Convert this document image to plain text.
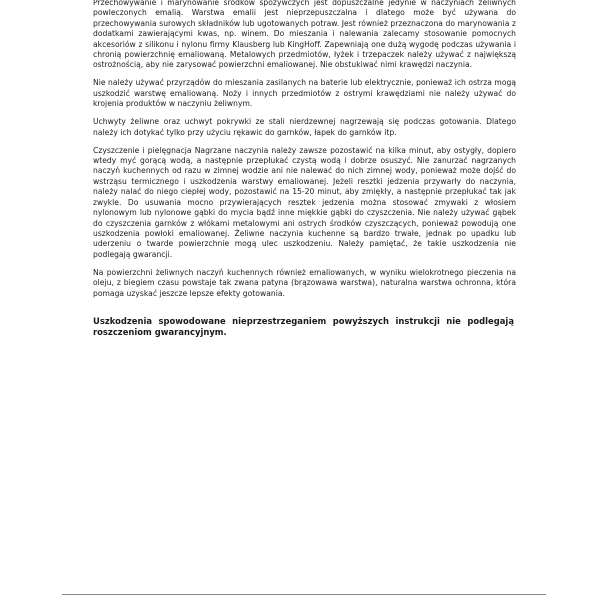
Przechowywanie i marynowanie środków spożywczych jest dopuszczalne jedynie w naczyniach żeliwnych powleczonych emalią. Warstwa emalii jest nieprzepuszczalna i dlatego może być używana do przechowywania surowych składników lub ugotowanych potraw. Jest również przeznaczona do marynowania z dodatkami zawierającymi kwas, np. winem. Do mieszania i nalewania zalecamy stosowanie pomocnych akcesoriów z silikonu i nylonu firmy Klausberg lub KingHoff. Zapewniają one dużą wygodę podczas używania i chronią powierzchnię emaliowaną. Metalowych przedmiotów, łyżek i trzepaczek należy używać z największą ostrożnością, aby nie zarysować powierzchni emaliowanej. Nie obstukiwać nimi krawędzi naczynia.

Nie należy używać przyrządów do mieszania zasilanych na baterie lub elektrycznie, ponieważ ich ostrza mogą uszkodzić warstwę emaliowaną. Noży i innych przedmiotów z ostrymi krawędziami nie należy używać do krojenia produktów w naczyniu żeliwnym.

Uchwyty żeliwne oraz uchwyt pokrywki ze stali nierdzewnej nagrzewają się podczas gotowania. Dlatego należy ich dotykać tylko przy użyciu rękawic do garnków, łapek do garnków itp.

Czyszczenie i pielęgnacja Nagrzane naczynia należy zawsze pozostawić na kilka minut, aby ostygły, dopiero wtedy myć gorącą wodą, a następnie przepłukać czystą wodą i dobrze osuszyć. Nie zanurzać nagrzanych naczyń kuchennych od razu w zimnej wodzie ani nie nalewać do nich zimnej wody, ponieważ może dojść do wstrząsu termicznego i uszkodzenia warstwy emaliowanej. Jeżeli resztki jedzenia przywarły do naczynia, należy nalać do niego ciepłej wody, pozostawić na 15-20 minut, aby zmiękły, a następnie przepłukać tak jak zwykle. Do usuwania mocno przywierających resztek jedzenia można stosować zmywaki z włosiem nylonowym lub nylonowe gąbki do mycia bądź inne miękkie gąbki do czyszczenia. Nie należy używać gąbek do czyszczenia garnków z włókami metalowymi ani ostrych środków czyszczących, ponieważ powodują one uszkodzenia powłoki emaliowanej. Żeliwne naczynia kuchenne są bardzo trwałe, jednak po upadku lub uderzeniu o twarde powierzchnie mogą ulec uszkodzeniu. Należy pamiętać, że takie uszkodzenia nie podlegają gwarancji.

Na powierzchni żeliwnych naczyń kuchennych również emaliowanych, w wyniku wielokrotnego pieczenia na oleju, z biegiem czasu powstaje tak zwana patyna (brązowawa warstwa), naturalna warstwa ochronna, która pomaga uzyskać jeszcze lepsze efekty gotowania.

Uszkodzenia spowodowane nieprzestrzeganiem powyższych instrukcji nie podlegają roszczeniom gwarancyjnym.
